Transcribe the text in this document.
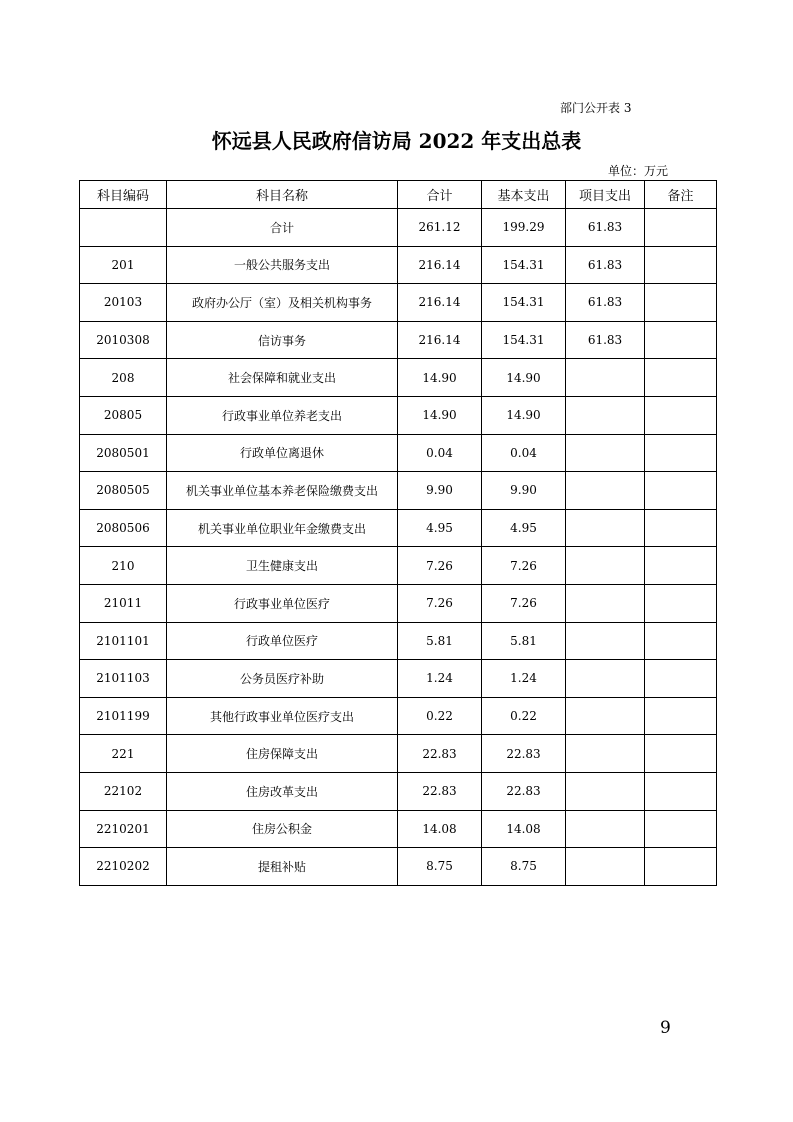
部门公开表 3
怀远县人民政府信访局 2022 年支出总表
单位：万元
科目编码	科目名称	合计	基本支出	项目支出	备注
	合计	261.12	199.29	61.83	
201	一般公共服务支出	216.14	154.31	61.83	
20103	政府办公厅（室）及相关机构事务	216.14	154.31	61.83	
2010308	信访事务	216.14	154.31	61.83	
208	社会保障和就业支出	14.90	14.90		
20805	行政事业单位养老支出	14.90	14.90		
2080501	行政单位离退休	0.04	0.04		
2080505	机关事业单位基本养老保险缴费支出	9.90	9.90		
2080506	机关事业单位职业年金缴费支出	4.95	4.95		
210	卫生健康支出	7.26	7.26		
21011	行政事业单位医疗	7.26	7.26		
2101101	行政单位医疗	5.81	5.81		
2101103	公务员医疗补助	1.24	1.24		
2101199	其他行政事业单位医疗支出	0.22	0.22		
221	住房保障支出	22.83	22.83		
22102	住房改革支出	22.83	22.83		
2210201	住房公积金	14.08	14.08		
2210202	提租补贴	8.75	8.75		
9
